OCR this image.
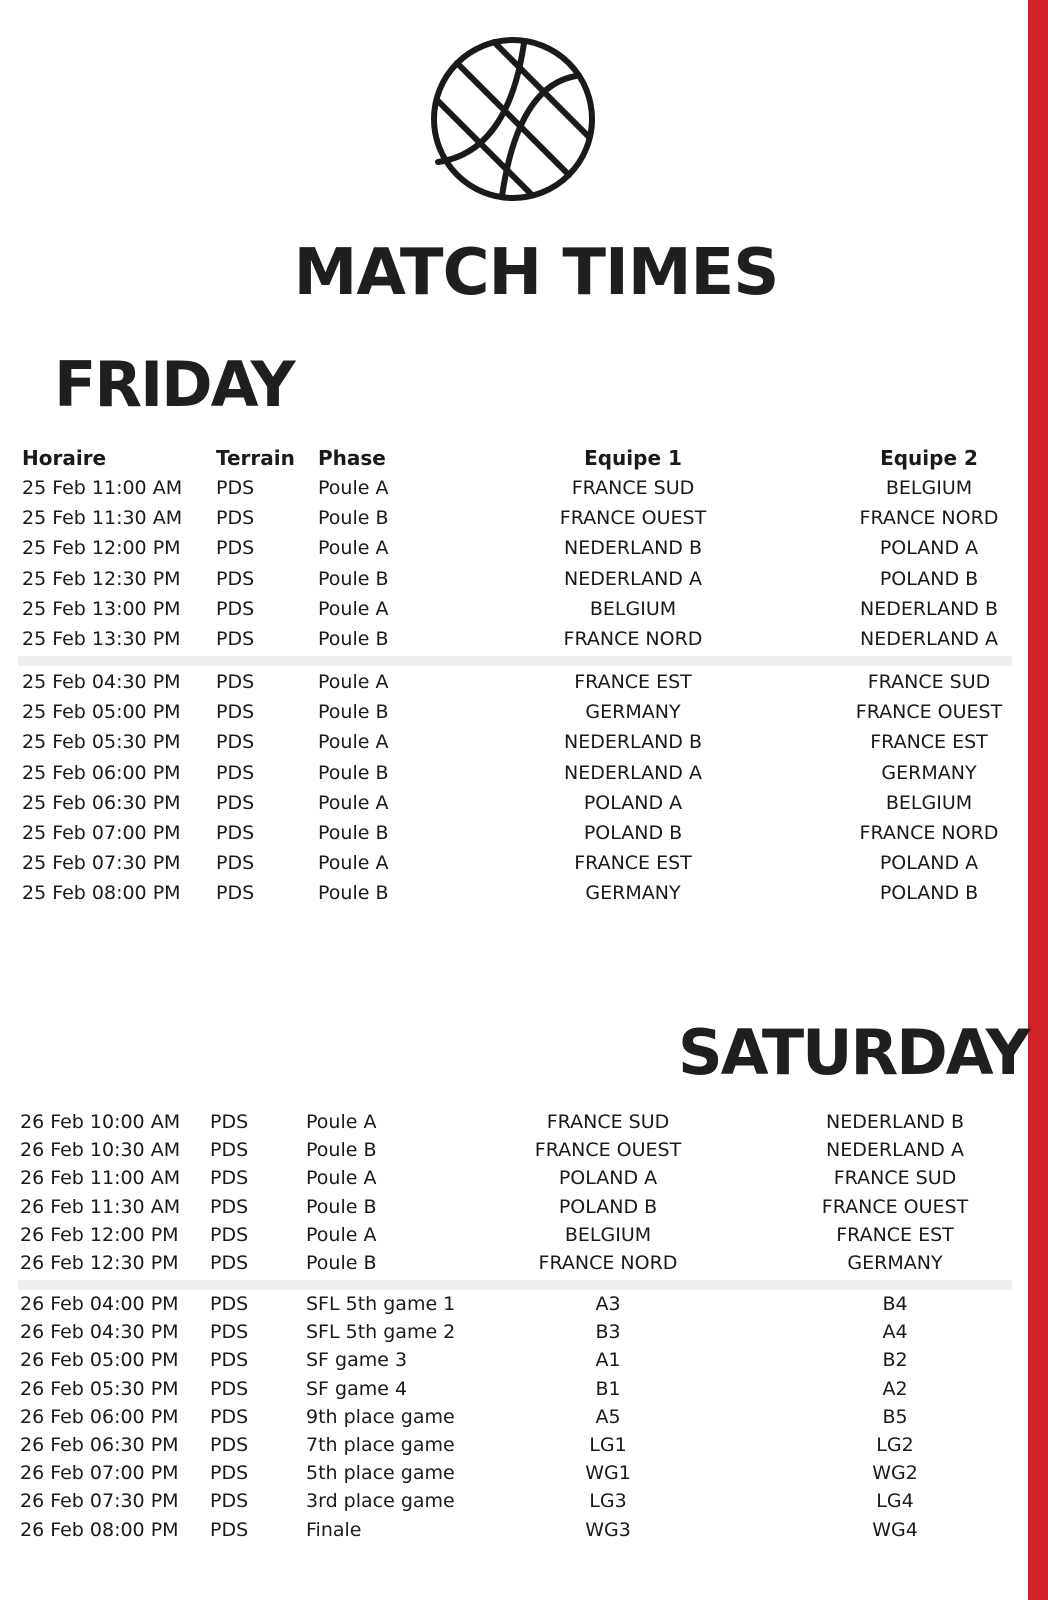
MATCH TIMES
FRIDAY
SATURDAY
Horaire	Terrain Phase	Equipe 1	Equipe 2
25 Feb 11:00 AM PDS	Poule A	FRANCE SUD	BELGIUM
25 Feb 11:30 AM PDS	Poule B	FRANCE OUEST	FRANCE NORD
25 Feb 12:00 PM PDS	Poule A	NEDERLAND B	POLAND A
25 Feb 12:30 PM PDS	Poule B	NEDERLAND A	POLAND B
25 Feb 13:00 PM PDS	Poule A	BELGIUM	NEDERLAND B
25 Feb 13:30 PM PDS	Poule B	FRANCE NORD	NEDERLAND A
25 Feb 04:30 PM PDS	Poule A	FRANCE EST	FRANCE SUD
25 Feb 05:00 PM PDS	Poule B	GERMANY	FRANCE OUEST
25 Feb 05:30 PM PDS	Poule A	NEDERLAND B	FRANCE EST
25 Feb 06:00 PM PDS	Poule B	NEDERLAND A	GERMANY
25 Feb 06:30 PM PDS	Poule A	POLAND A	BELGIUM
25 Feb 07:00 PM PDS	Poule B	POLAND B	FRANCE NORD
25 Feb 07:30 PM PDS	Poule A	FRANCE EST	POLAND A
25 Feb 08:00 PM PDS	Poule B	GERMANY	POLAND B
26 Feb 10:00 AM PDS	Poule A	FRANCE SUD	NEDERLAND B
26 Feb 10:30 AM PDS	Poule B	FRANCE OUEST	NEDERLAND A
26 Feb 11:00 AM PDS	Poule A	POLAND A	FRANCE SUD
26 Feb 11:30 AM PDS	Poule B	POLAND B	FRANCE OUEST
26 Feb 12:00 PM PDS	Poule A	BELGIUM	FRANCE EST
26 Feb 12:30 PM PDS	Poule B	FRANCE NORD	GERMANY
26 Feb 04:00 PM PDS	SFL 5th game 1	A3	B4
26 Feb 04:30 PM PDS	SFL 5th game 2	B3	A4
26 Feb 05:00 PM PDS	SF game 3	A1	B2
26 Feb 05:30 PM PDS	SF game 4	B1	A2
26 Feb 06:00 PM PDS	9th place game	A5	B5
26 Feb 06:30 PM PDS	7th place game	LG1	LG2
26 Feb 07:00 PM PDS	5th place game	WG1	WG2
26 Feb 07:30 PM PDS	3rd place game	LG3	LG4
26 Feb 08:00 PM PDS	Finale	WG3	WG4
